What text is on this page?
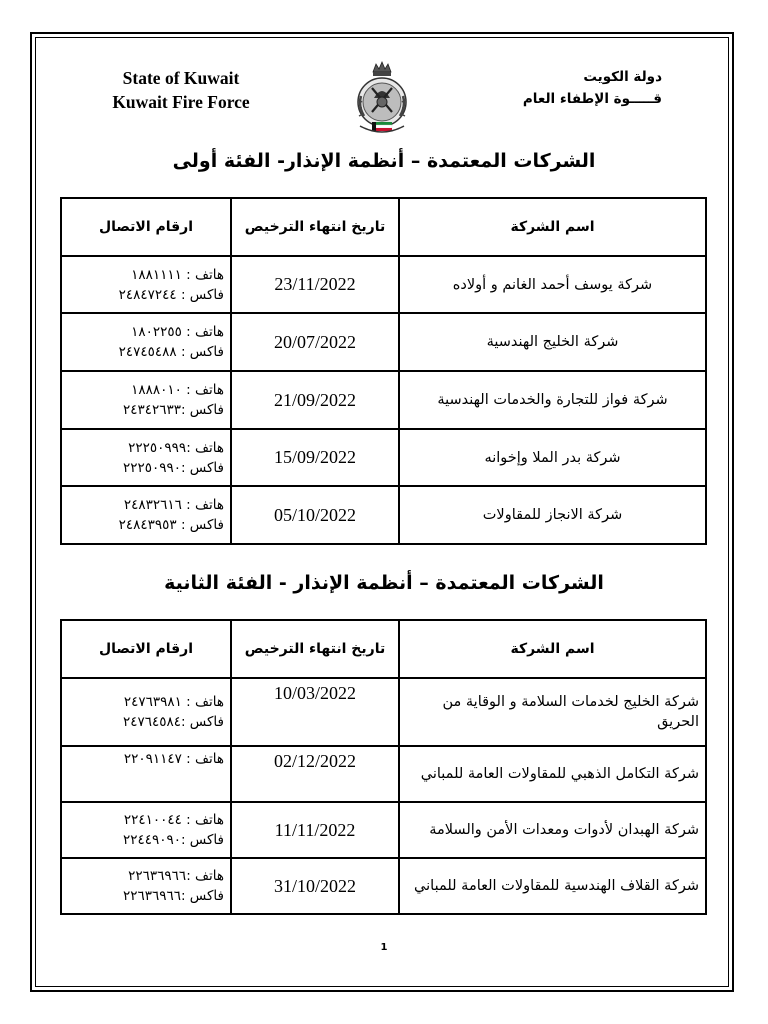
State of Kuwait
Kuwait Fire Force
دولة الكويت
قـــــوة الإطفاء العام
الشركات المعتمدة – أنظمة الإنذار- الفئة أولى
ارقام الاتصال	تاريخ انتهاء الترخيص	اسم الشركة

هاتف : ١٨٨١١١١
فاكس : ٢٤٨٤٧٢٤٤	23/11/2022	شركة يوسف أحمد الغانم و أولاده

هاتف : ١٨٠٢٢٥٥
فاكس : ٢٤٧٤٥٤٨٨	20/07/2022	شركة الخليج الهندسية

هاتف : ١٨٨٨٠١٠
فاكس :٢٤٣٤٢٦٣٣	21/09/2022	شركة فواز للتجارة والخدمات الهندسية

هاتف :٢٢٢٥٠٩٩٩
فاكس :٢٢٢٥٠٩٩٠	15/09/2022	شركة بدر الملا وإخوانه

هاتف : ٢٤٨٣٢٦١٦
فاكس : ٢٤٨٤٣٩٥٣	05/10/2022	شركة الانجاز للمقاولات
الشركات المعتمدة – أنظمة الإنذار - الفئة الثانية
ارقام الاتصال	تاريخ انتهاء الترخيص	اسم الشركة

هاتف : ٢٤٧٦٣٩٨١
فاكس :٢٤٧٦٤٥٨٤	10/03/2022	شركة الخليج لخدمات السلامة و الوقاية من الحريق

هاتف : ٢٢٠٩١١٤٧	02/12/2022	شركة التكامل الذهبي للمقاولات العامة للمباني

هاتف : ٢٢٤١٠٠٤٤
فاكس :٢٢٤٤٩٠٩٠	11/11/2022	شركة الهبدان لأدوات ومعدات الأمن والسلامة

هاتف :٢٢٦٣٦٩٦٦
فاكس :٢٢٦٣٦٩٦٦	31/10/2022	شركة القلاف الهندسية للمقاولات العامة للمباني
1
